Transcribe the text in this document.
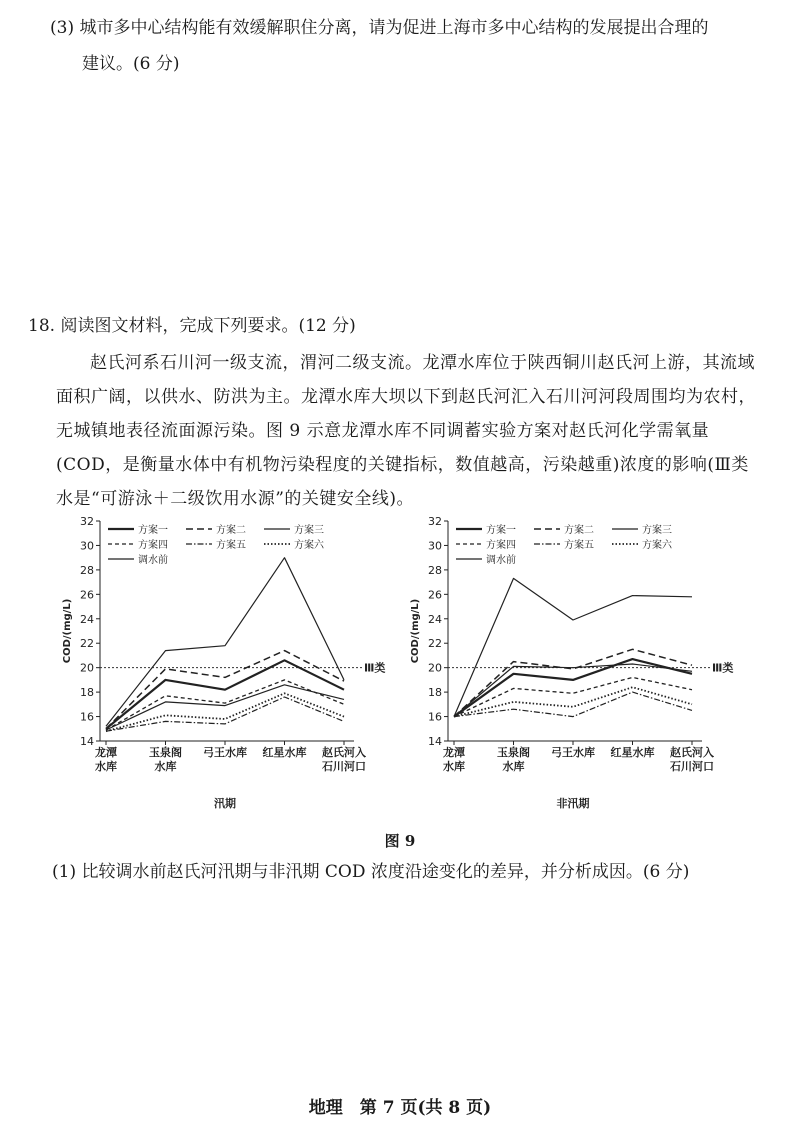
(3) 城市多中心结构能有效缓解职住分离，请为促进上海市多中心结构的发展提出合理的
建议。(6 分)
18. 阅读图文材料，完成下列要求。(12 分)
赵氏河系石川河一级支流，渭河二级支流。龙潭水库位于陕西铜川赵氏河上游，其流域面积广阔，以供水、防洪为主。龙潭水库大坝以下到赵氏河汇入石川河河段周围均为农村，无城镇地表径流面源污染。图 9 示意龙潭水库不同调蓄实验方案对赵氏河化学需氧量(COD，是衡量水体中有机物污染程度的关键指标，数值越高，污染越重)浓度的影响(Ⅲ类水是“可游泳＋二级饮用水源”的关键安全线)。
14
16
18
20
22
24
26
28
30
32
COD/(mg/L)
龙潭
水库
玉泉阁
水库
弓王水库 红星水库 赵氏河入
石川河口
汛期
Ⅲ类
方案一	方案二	方案三
方案四	方案五	方案六
调水前
14
16
18
20
22
24
26
28
30
32
COD/(mg/L)
龙潭
水库
玉泉阁
水库
弓王水库 红星水库 赵氏河入
石川河口
非汛期
Ⅲ类
方案一	方案二	方案三
方案四	方案五	方案六
调水前
图 9
(1) 比较调水前赵氏河汛期与非汛期 COD 浓度沿途变化的差异，并分析成因。(6 分)
地理　第 7 页(共 8 页)
